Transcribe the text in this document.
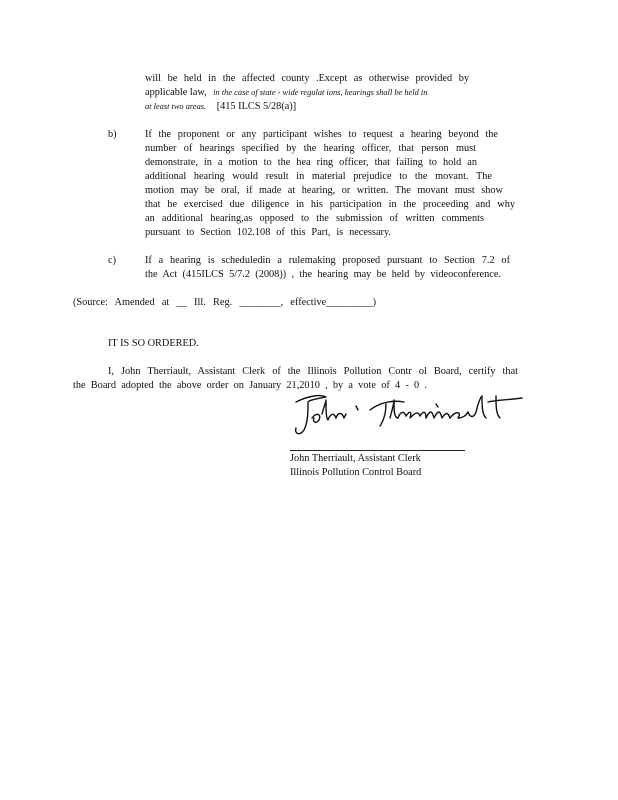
will be held in the affected county .Except as otherwise provided by
applicable law, in the case of state - wide regulat ions, hearings shall be held in
at least two areas. [415 ILCS 5/28(a)]
b)	If the proponent or any participant wishes to request a hearing beyond the
number of hearings specified by the hearing officer, that person must
demonstrate, in a motion to the hea ring officer, that failing to hold an
additional hearing would result in material prejudice to the movant. The
motion may be oral, if made at hearing, or written. The movant must show
that he exercised due diligence in his participation in the proceeding and why
an additional hearing,as opposed to the submission of written comments
pursuant to Section 102.108 of this Part, is necessary.
c)	If a hearing is scheduledin a rulemaking proposed pursuant to Section 7.2 of
the Act (415ILCS 5/7.2 (2008)) , the hearing may be held by videoconference.
(Source: Amended at __ Ill. Reg. ________, effective_________)
IT IS SO ORDERED.
I, John Therriault, Assistant Clerk of the Illinois Pollution Contr ol Board, certify that
the Board adopted the above order on January 21,2010 , by a vote of 4 - 0 .
John Therriault, Assistant Clerk
Illinois Pollution Control Board
